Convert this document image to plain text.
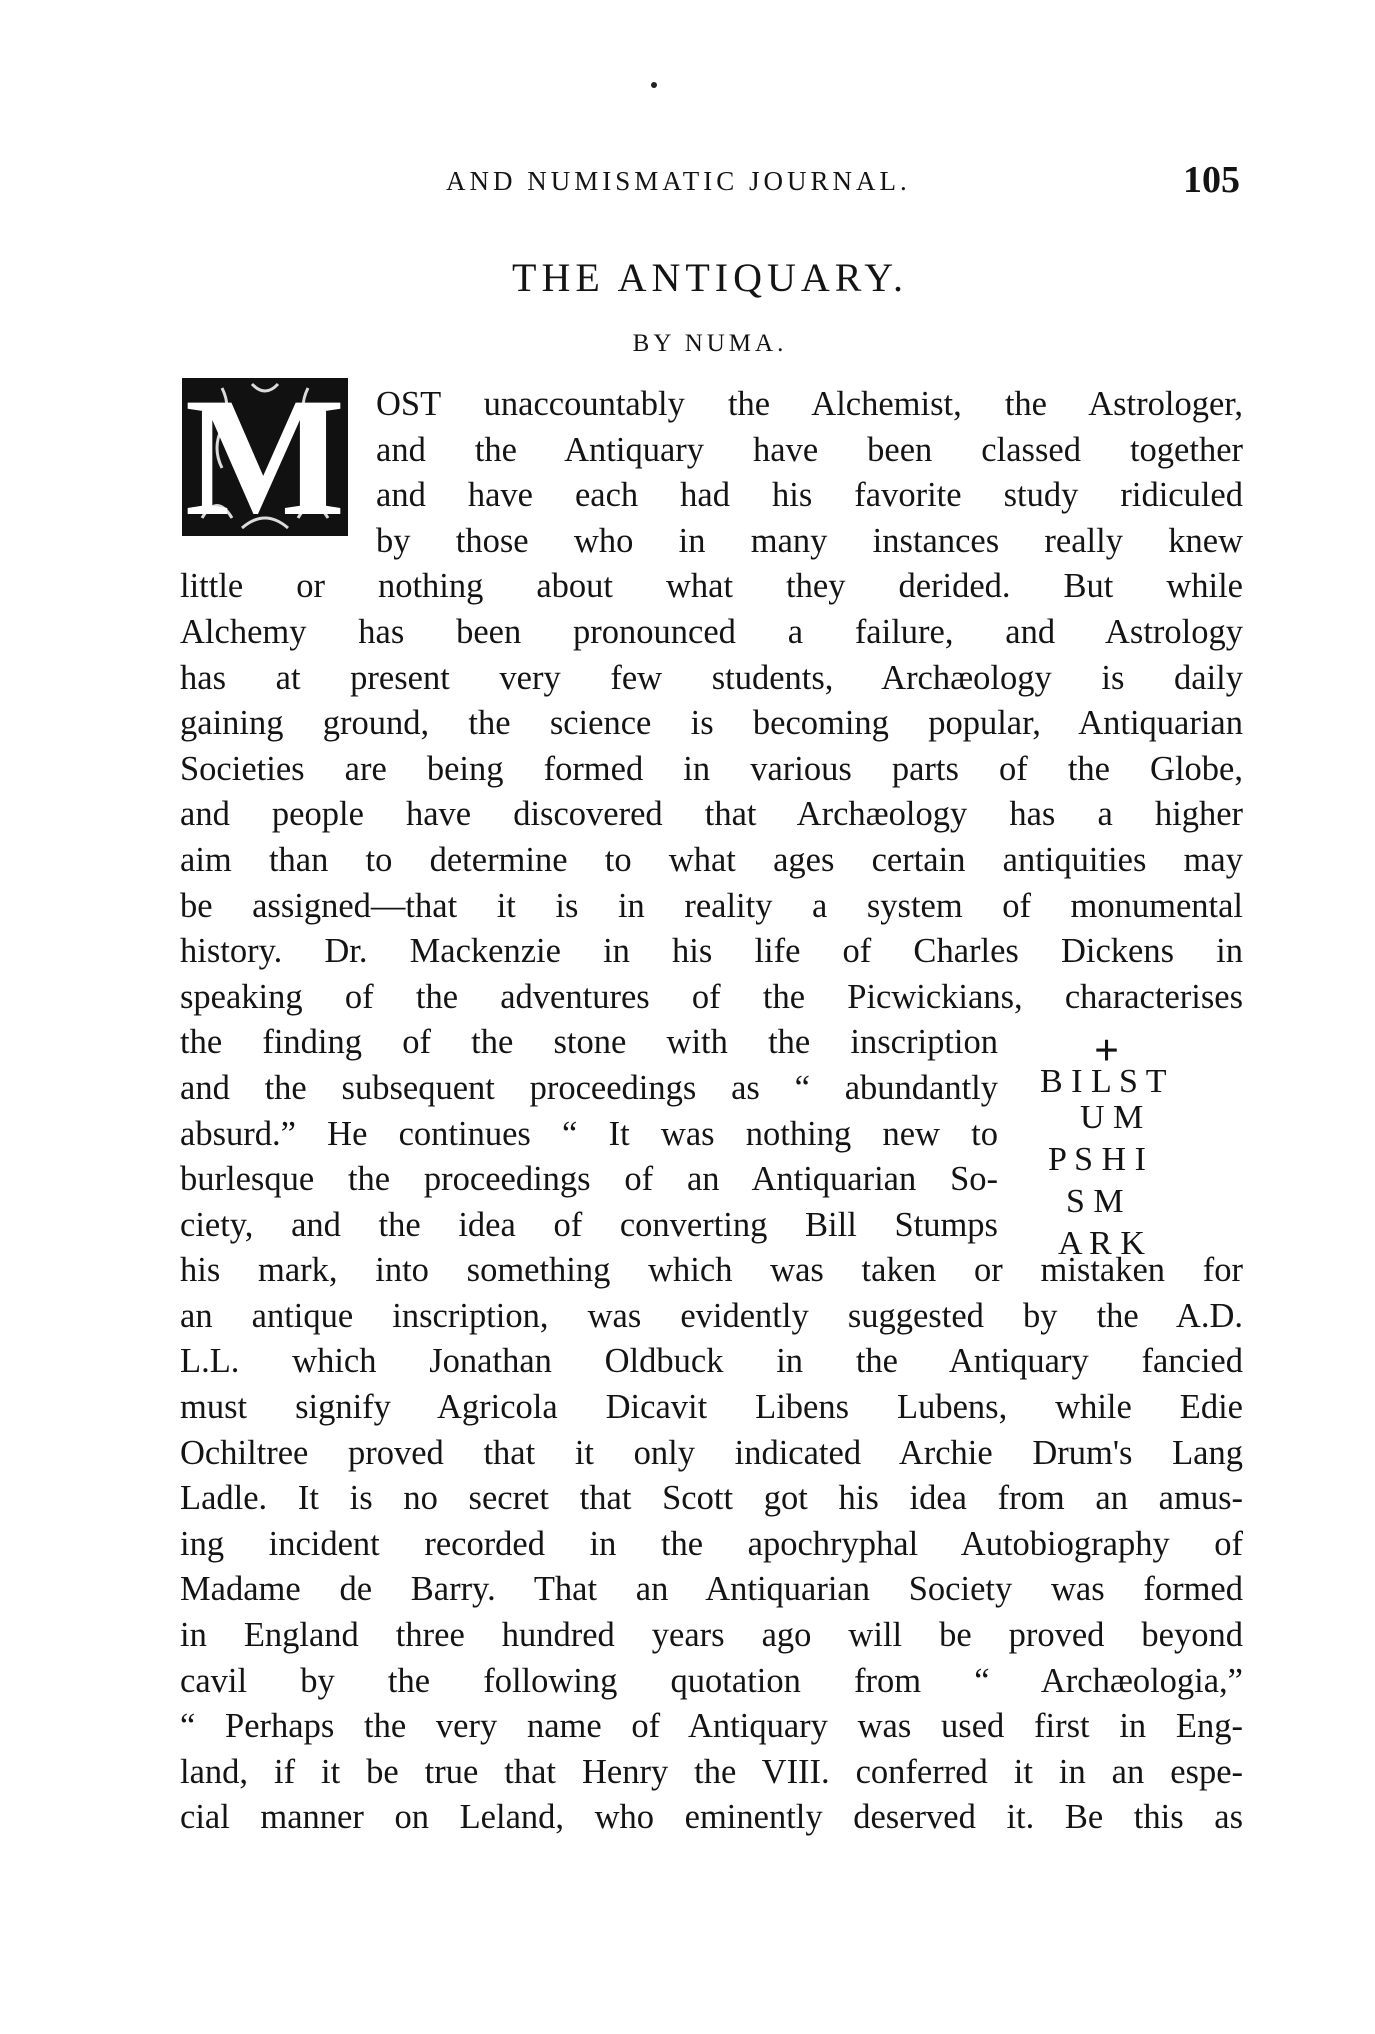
AND NUMISMATIC JOURNAL.	105
THE ANTIQUARY.
BY NUMA.
M OST unaccountably the Alchemist, the Astrologer,
and the Antiquary have been classed together
and have each had his favorite study ridiculed
by those who in many instances really knew
little or nothing about what they derided. But while
Alchemy has been pronounced a failure, and Astrology
has at present very few students, Archæology is daily
gaining ground, the science is becoming popular, Antiquarian
Societies are being formed in various parts of the Globe,
and people have discovered that Archæology has a higher
aim than to determine to what ages certain antiquities may
be assigned—that it is in reality a system of monumental
history. Dr. Mackenzie in his life of Charles Dickens in
speaking of the adventures of the Picwickians, characterises
the finding of the stone with the inscription
and the subsequent proceedings as “ abundantly
absurd.” He continues “ It was nothing new to
burlesque the proceedings of an Antiquarian So-
ciety, and the idea of converting Bill Stumps
his mark, into something which was taken or mistaken for
an antique inscription, was evidently suggested by the A.D.
L.L. which Jonathan Oldbuck in the Antiquary fancied
must signify Agricola Dicavit Libens Lubens, while Edie
Ochiltree proved that it only indicated Archie Drum's Lang
Ladle. It is no secret that Scott got his idea from an amus-
ing incident recorded in the apochryphal Autobiography of
Madame de Barry. That an Antiquarian Society was formed
in England three hundred years ago will be proved beyond
cavil by the following quotation from “ Archæologia,”
“ Perhaps the very name of Antiquary was used first in Eng-
land, if it be true that Henry the VIII. conferred it in an espe-
cial manner on Leland, who eminently deserved it. Be this as
+
B I L S T
U M
P S H I
S M
A R K
